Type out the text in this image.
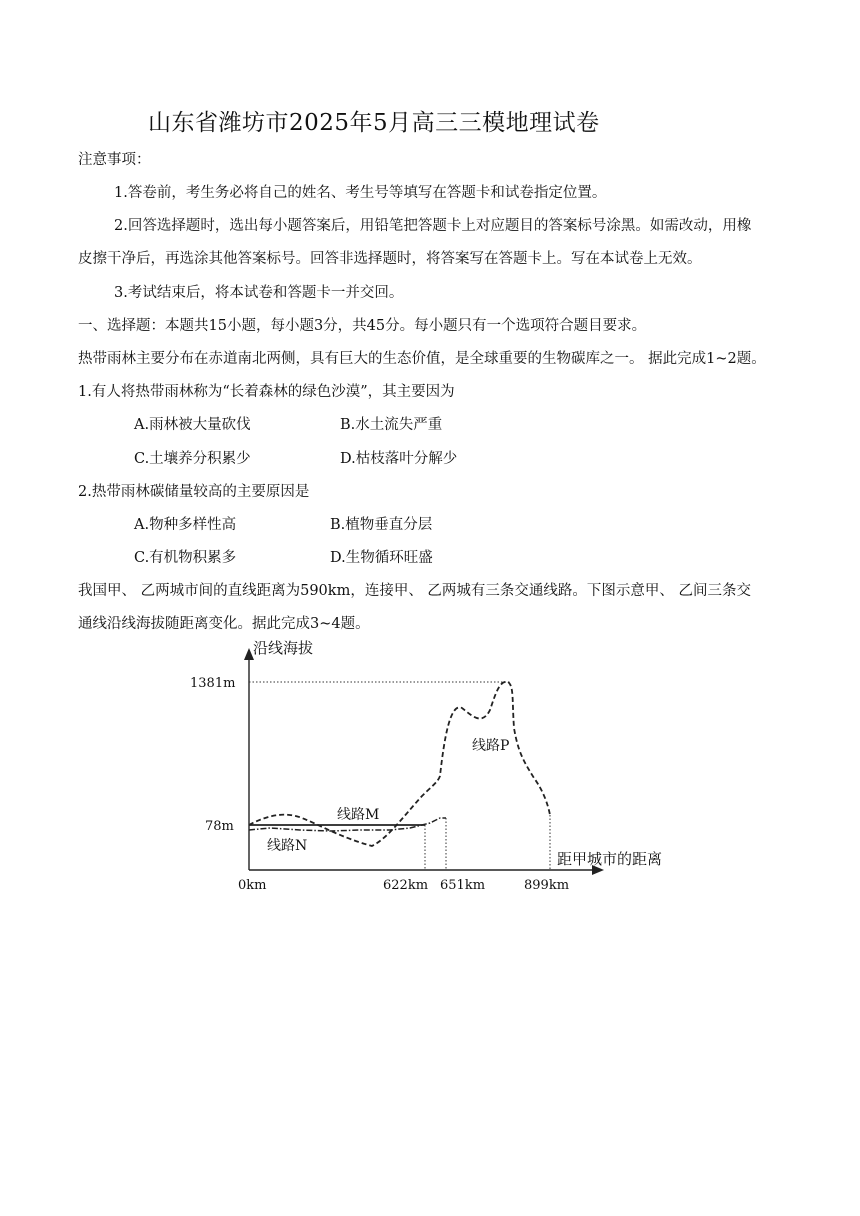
山东省潍坊市2025年5月高三三模地理试卷
注意事项：
1.答卷前，考生务必将自己的姓名、考生号等填写在答题卡和试卷指定位置。
2.回答选择题时，选出每小题答案后，用铅笔把答题卡上对应题目的答案标号涂黑。如需改动，用橡
皮擦干净后，再选涂其他答案标号。回答非选择题时，将答案写在答题卡上。写在本试卷上无效。
3.考试结束后，将本试卷和答题卡一并交回。
一、选择题：本题共15小题，每小题3分，共45分。每小题只有一个选项符合题目要求。
热带雨林主要分布在赤道南北两侧，具有巨大的生态价值，是全球重要的生物碳库之一。 据此完成1~2题。
1.有人将热带雨林称为“长着森林的绿色沙漠”，其主要因为
A.雨林被大量砍伐	B.水土流失严重
C.土壤养分积累少	D.枯枝落叶分解少
2.热带雨林碳储量较高的主要原因是
A.物种多样性高	B.植物垂直分层
C.有机物积累多	D.生物循环旺盛
我国甲、 乙两城市间的直线距离为590km，连接甲、 乙两城有三条交通线路。下图示意甲、 乙间三条交
通线沿线海拔随距离变化。据此完成3~4题。
沿线海拔
1381m
78m
0km	622km 651km	899km
距甲城市的距离
线路M
线路N
线路P
